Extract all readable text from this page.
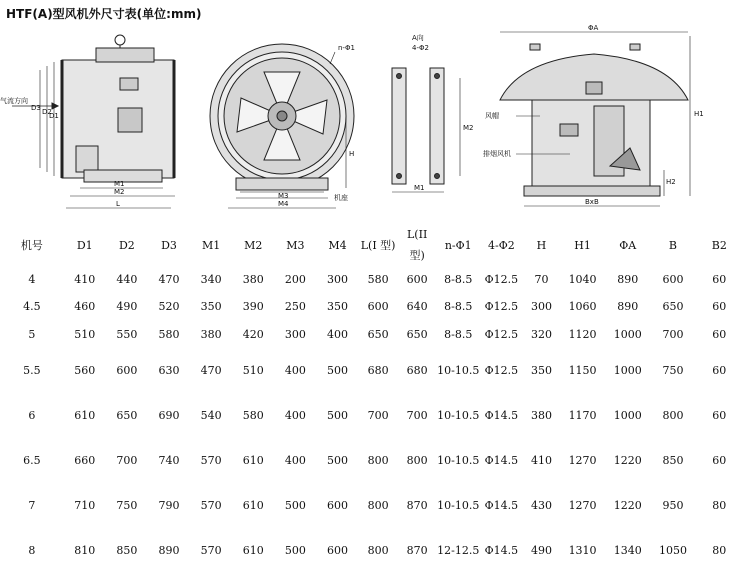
HTF(A)型风机外尺寸表(单位:mm)
气流方向
D3 D2
D1
M1
M2
L
n-Φ1
H
M3
M4
机座
A向
4-Φ2
M2
M1
ΦA
风帽
排烟风机
H1
H2
BxB
机号	D1	D2	D3	M1	M2	M3	M4	L(I 型)	L(II 型)	n-Φ1	4-Φ2	H	H1	ΦA	B	B2
4	410	440	470	340	380	200	300	580	600	8-8.5	Φ12.5	70	1040	890	600	60
4.5	460	490	520	350	390	250	350	600	640	8-8.5	Φ12.5	300	1060	890	650	60
5	510	550	580	380	420	300	400	650	650	8-8.5	Φ12.5	320	1120	1000	700	60
5.5	560	600	630	470	510	400	500	680	680	10-10.5	Φ12.5	350	1150	1000	750	60
6	610	650	690	540	580	400	500	700	700	10-10.5	Φ14.5	380	1170	1000	800	60
6.5	660	700	740	570	610	400	500	800	800	10-10.5	Φ14.5	410	1270	1220	850	60
7	710	750	790	570	610	500	600	800	870	10-10.5	Φ14.5	430	1270	1220	950	80
8	810	850	890	570	610	500	600	800	870	12-12.5	Φ14.5	490	1310	1340	1050	80
